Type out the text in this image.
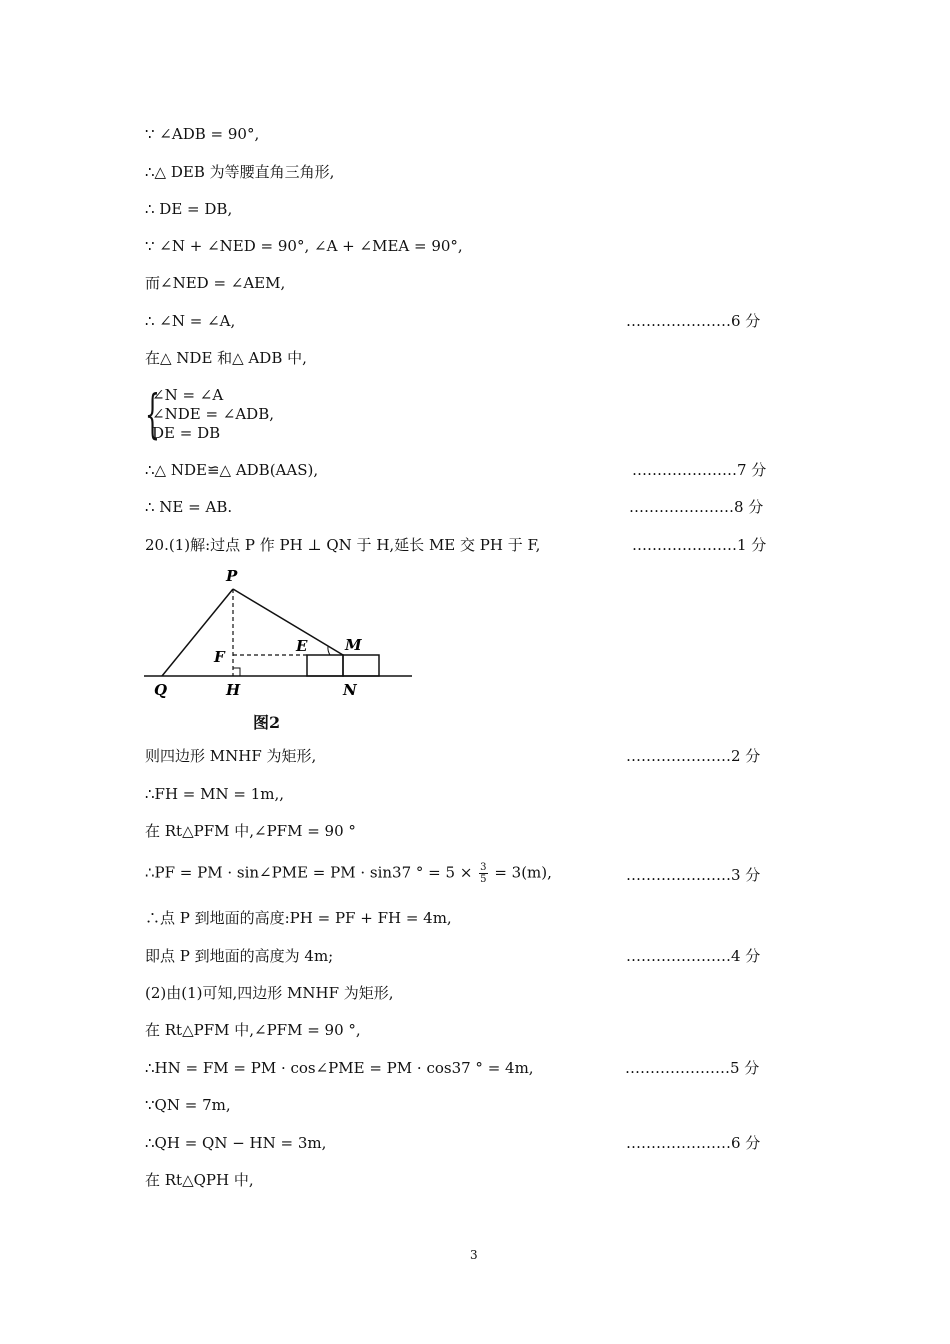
∵ ∠ADB = 90°,
∴△ DEB 为等腰直角三角形,
∴ DE = DB,
∵ ∠N + ∠NED = 90°, ∠A + ∠MEA = 90°,
而∠NED = ∠AEM,
∴ ∠N = ∠A,	…………………6 分
在△ NDE 和△ ADB 中,
{
∠N = ∠A
∠NDE = ∠ADB,
DE = DB
∴△ NDE≌△ ADB(AAS),	…………………7 分
∴ NE = AB.	…………………8 分
20.(1)解:过点 P 作 PH ⊥ QN 于 H,延长 ME 交 PH 于 F,	…………………1 分
P
E	M
F
Q	H	N
图2
则四边形 MNHF 为矩形,	…………………2 分
∴FH = MN = 1m,,
在 Rt△PFM 中,∠PFM = 90 °
∴PF = PM · sin∠PME = PM · sin37 ° = $5 \times \frac{3}{5} = 3(m)$,	…………………3 分
∴点 P 到地面的高度:PH = PF + FH = 4m,
即点 P 到地面的高度为 4m;	…………………4 分
(2)由(1)可知,四边形 MNHF 为矩形,
在 Rt△PFM 中,∠PFM = 90 °,
∴HN = FM = PM · cos∠PME = PM · cos37 ° = 4m,	…………………5 分
∵QN = 7m,
∴QH = QN − HN = 3m,	…………………6 分
在 Rt△QPH 中,
3
